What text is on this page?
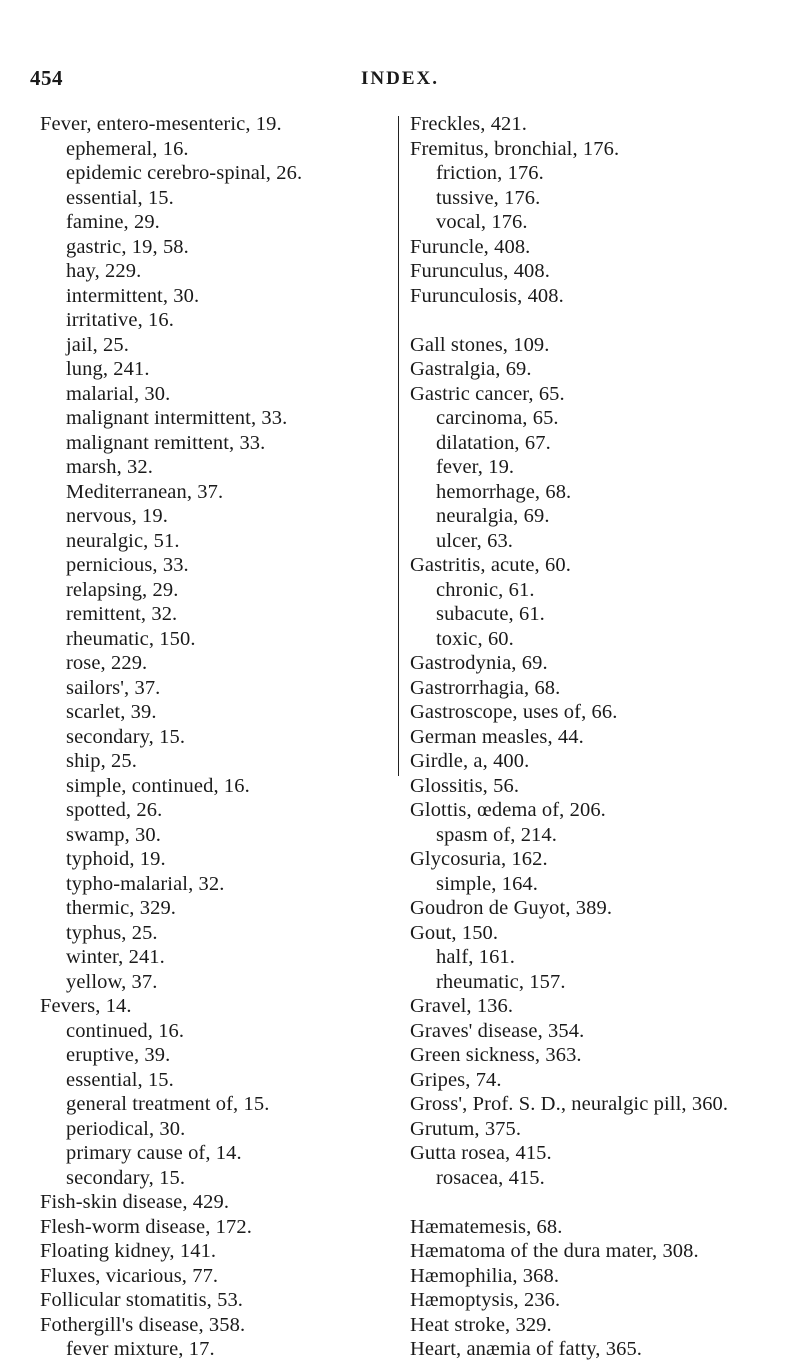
454	INDEX.
Fever, entero-mesenteric, 19.
ephemeral, 16.
epidemic cerebro-spinal, 26.
essential, 15.
famine, 29.
gastric, 19, 58.
hay, 229.
intermittent, 30.
irritative, 16.
jail, 25.
lung, 241.
malarial, 30.
malignant intermittent, 33.
malignant remittent, 33.
marsh, 32.
Mediterranean, 37.
nervous, 19.
neuralgic, 51.
pernicious, 33.
relapsing, 29.
remittent, 32.
rheumatic, 150.
rose, 229.
sailors', 37.
scarlet, 39.
secondary, 15.
ship, 25.
simple, continued, 16.
spotted, 26.
swamp, 30.
typhoid, 19.
typho-malarial, 32.
thermic, 329.
typhus, 25.
winter, 241.
yellow, 37.
Fevers, 14.
continued, 16.
eruptive, 39.
essential, 15.
general treatment of, 15.
periodical, 30.
primary cause of, 14.
secondary, 15.
Fish-skin disease, 429.
Flesh-worm disease, 172.
Floating kidney, 141.
Fluxes, vicarious, 77.
Follicular stomatitis, 53.
Fothergill's disease, 358.
fever mixture, 17.
Freckles, 421.
Fremitus, bronchial, 176.
friction, 176.
tussive, 176.
vocal, 176.
Furuncle, 408.
Furunculus, 408.
Furunculosis, 408.
Gall stones, 109.
Gastralgia, 69.
Gastric cancer, 65.
carcinoma, 65.
dilatation, 67.
fever, 19.
hemorrhage, 68.
neuralgia, 69.
ulcer, 63.
Gastritis, acute, 60.
chronic, 61.
subacute, 61.
toxic, 60.
Gastrodynia, 69.
Gastrorrhagia, 68.
Gastroscope, uses of, 66.
German measles, 44.
Girdle, a, 400.
Glossitis, 56.
Glottis, œdema of, 206.
spasm of, 214.
Glycosuria, 162.
simple, 164.
Goudron de Guyot, 389.
Gout, 150.
half, 161.
rheumatic, 157.
Gravel, 136.
Graves' disease, 354.
Green sickness, 363.
Gripes, 74.
Gross', Prof. S. D., neuralgic pill, 360.
Grutum, 375.
Gutta rosea, 415.
rosacea, 415.
Hæmatemesis, 68.
Hæmatoma of the dura mater, 308.
Hæmophilia, 368.
Hæmoptysis, 236.
Heat stroke, 329.
Heart, anæmia of fatty, 365.
